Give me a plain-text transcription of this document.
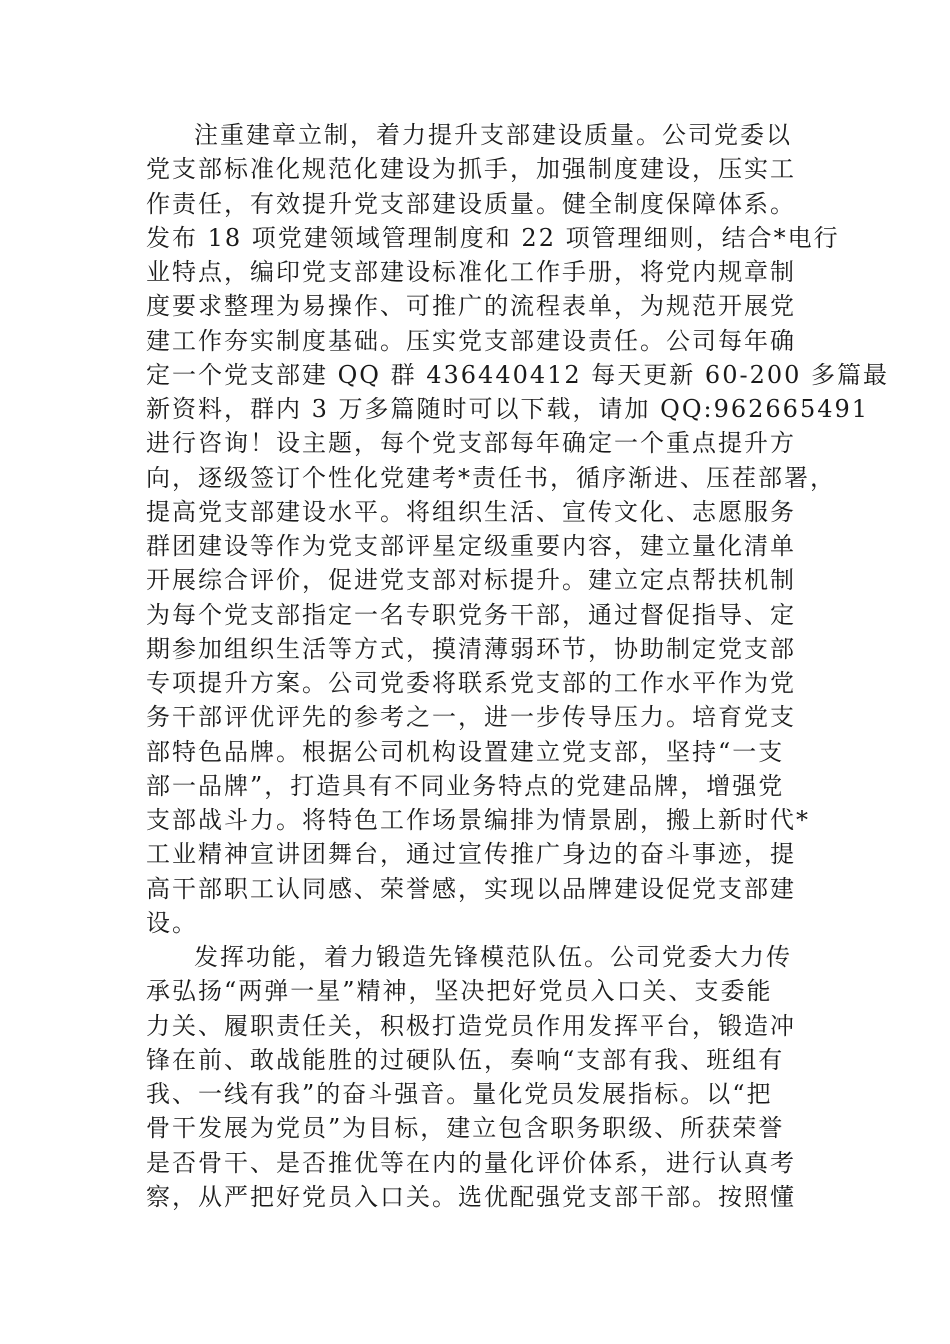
注重建章立制，着力提升支部建设质量。公司党委以
党支部标准化规范化建设为抓手，加强制度建设，压实工
作责任，有效提升党支部建设质量。健全制度保障体系。
发布 18 项党建领域管理制度和 22 项管理细则，结合*电行
业特点，编印党支部建设标准化工作手册，将党内规章制
度要求整理为易操作、可推广的流程表单，为规范开展党
建工作夯实制度基础。压实党支部建设责任。公司每年确
定一个党支部建 QQ 群 436440412 每天更新 60-200 多篇最
新资料，群内 3 万多篇随时可以下载，请加 QQ:962665491
进行咨询！设主题，每个党支部每年确定一个重点提升方
向，逐级签订个性化党建考*责任书，循序渐进、压茬部署，
提高党支部建设水平。将组织生活、宣传文化、志愿服务
群团建设等作为党支部评星定级重要内容，建立量化清单
开展综合评价，促进党支部对标提升。建立定点帮扶机制
为每个党支部指定一名专职党务干部，通过督促指导、定
期参加组织生活等方式，摸清薄弱环节，协助制定党支部
专项提升方案。公司党委将联系党支部的工作水平作为党
务干部评优评先的参考之一，进一步传导压力。培育党支
部特色品牌。根据公司机构设置建立党支部，坚持“一支
部一品牌”，打造具有不同业务特点的党建品牌，增强党
支部战斗力。将特色工作场景编排为情景剧，搬上新时代*
工业精神宣讲团舞台，通过宣传推广身边的奋斗事迹，提
高干部职工认同感、荣誉感，实现以品牌建设促党支部建
设。
发挥功能，着力锻造先锋模范队伍。公司党委大力传
承弘扬“两弹一星”精神，坚决把好党员入口关、支委能
力关、履职责任关，积极打造党员作用发挥平台，锻造冲
锋在前、敢战能胜的过硬队伍，奏响“支部有我、班组有
我、一线有我”的奋斗强音。量化党员发展指标。以“把
骨干发展为党员”为目标，建立包含职务职级、所获荣誉
是否骨干、是否推优等在内的量化评价体系，进行认真考
察，从严把好党员入口关。选优配强党支部干部。按照懂
